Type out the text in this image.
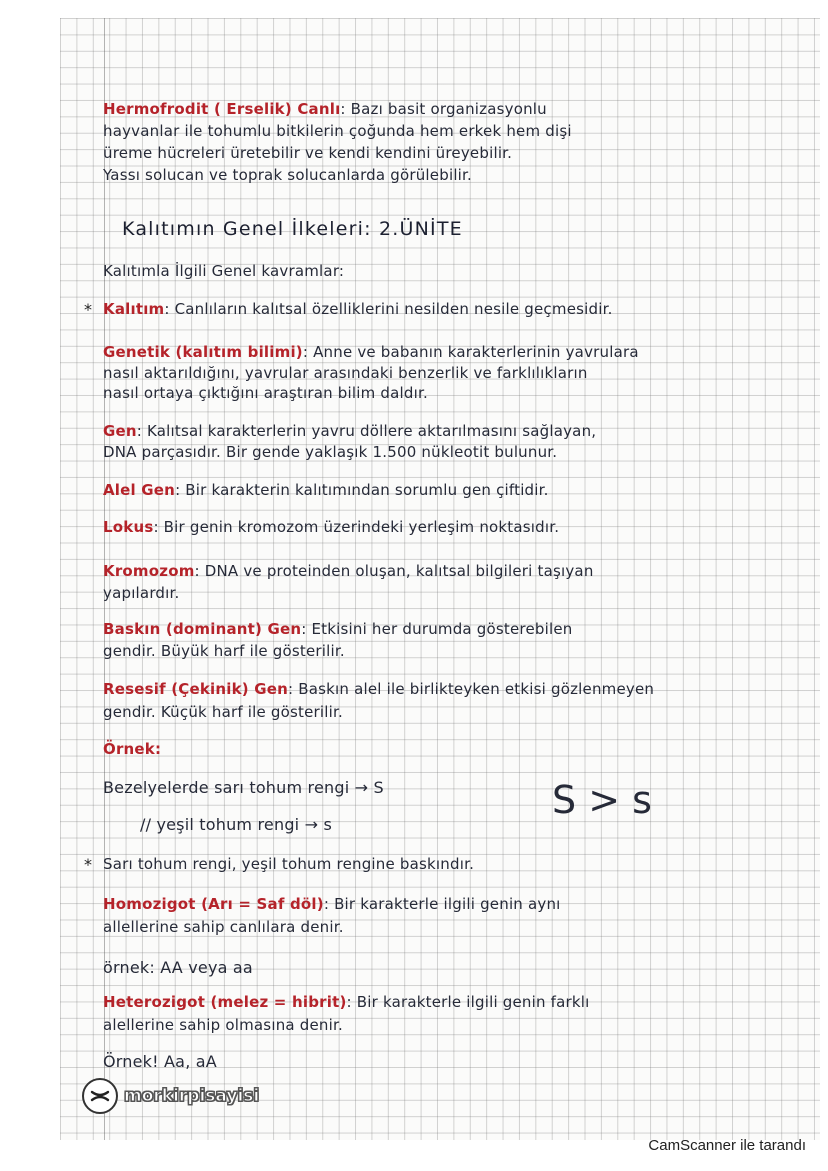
Hermofrodit ( Erselik) Canlı: Bazı basit organizasyonlu
hayvanlar ile tohumlu bitkilerin çoğunda hem erkek hem dişi
üreme hücreleri üretebilir ve kendi kendini üreyebilir.
Yassı solucan ve toprak solucanlarda görülebilir.
Kalıtımın Genel İlkeleri: 2.ÜNİTE
Kalıtımla İlgili Genel kavramlar:
Kalıtım: Canlıların kalıtsal özelliklerini nesilden nesile geçmesidir.
Genetik (kalıtım bilimi): Anne ve babanın karakterlerinin yavrulara
nasıl aktarıldığını, yavrular arasındaki benzerlik ve farklılıkların
nasıl ortaya çıktığını araştıran bilim daldır.
Gen: Kalıtsal karakterlerin yavru döllere aktarılmasını sağlayan,
DNA parçasıdır. Bir gende yaklaşık 1.500 nükleotit bulunur.
Alel Gen: Bir karakterin kalıtımından sorumlu gen çiftidir.
Lokus: Bir genin kromozom üzerindeki yerleşim noktasıdır.
Kromozom: DNA ve proteinden oluşan, kalıtsal bilgileri taşıyan
yapılardır.
Baskın (dominant) Gen: Etkisini her durumda gösterebilen
gendir. Büyük harf ile gösterilir.
Resesif (Çekinik) Gen: Baskın alel ile birlikteyken etkisi gözlenmeyen
gendir. Küçük harf ile gösterilir.
Örnek:
Bezelyelerde sarı tohum rengi → S
// yeşil tohum rengi → s
S > s
Sarı tohum rengi, yeşil tohum rengine baskındır.
Homozigot (Arı = Saf döl): Bir karakterle ilgili genin aynı
allellerine sahip canlılara denir.
örnek: AA veya aa
Heterozigot (melez = hibrit): Bir karakterle ilgili genin farklı
alellerine sahip olmasına denir.
Örnek! Aa, aA
*
*
morkirpisayisi
CamScanner ile tarandı
